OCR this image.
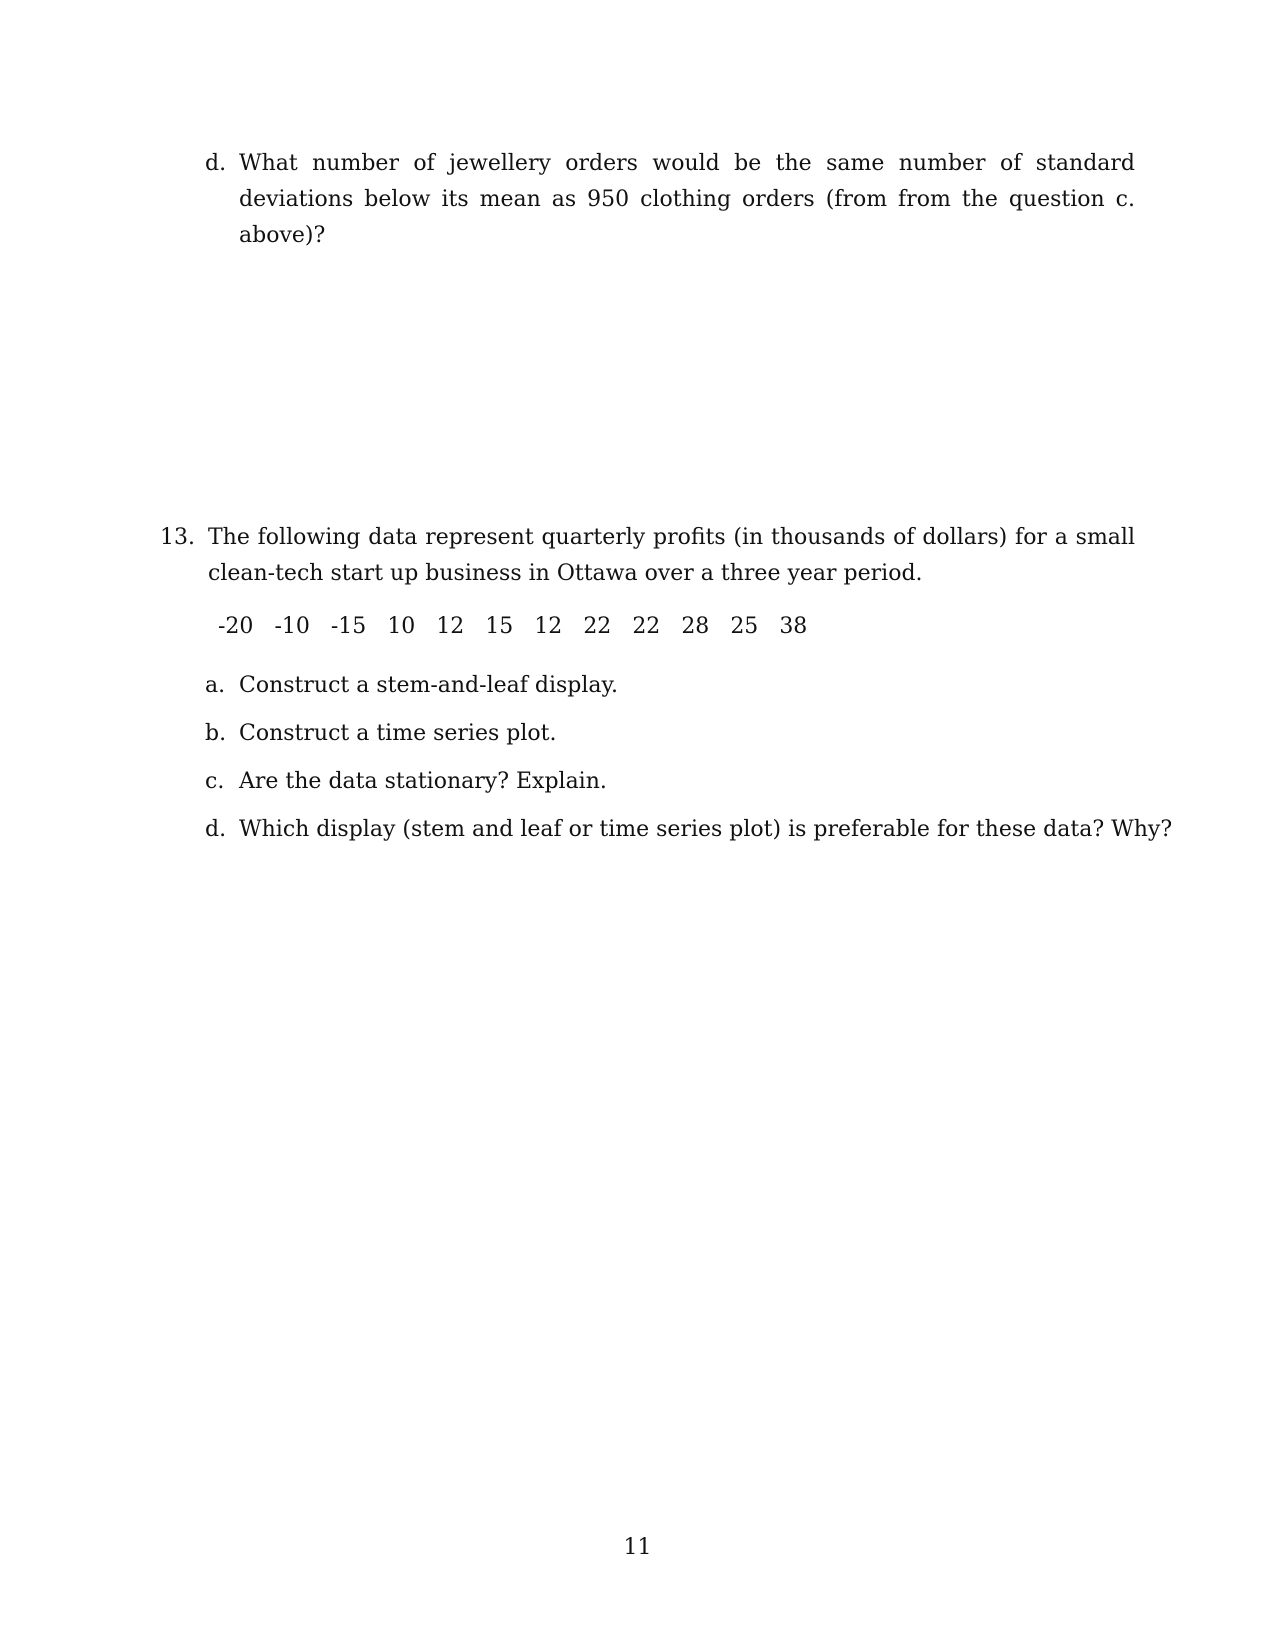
d. What number of jewellery orders would be the same number of standard deviations below its mean as 950 clothing orders (from from the question c. above)?
13. The following data represent quarterly profits (in thousands of dollars) for a small clean-tech start up business in Ottawa over a three year period.
-20 -10 -15 10 12 15 12 22 22 28 25 38
a. Construct a stem-and-leaf display.
b. Construct a time series plot.
c. Are the data stationary? Explain.
d. Which display (stem and leaf or time series plot) is preferable for these data? Why?
11
